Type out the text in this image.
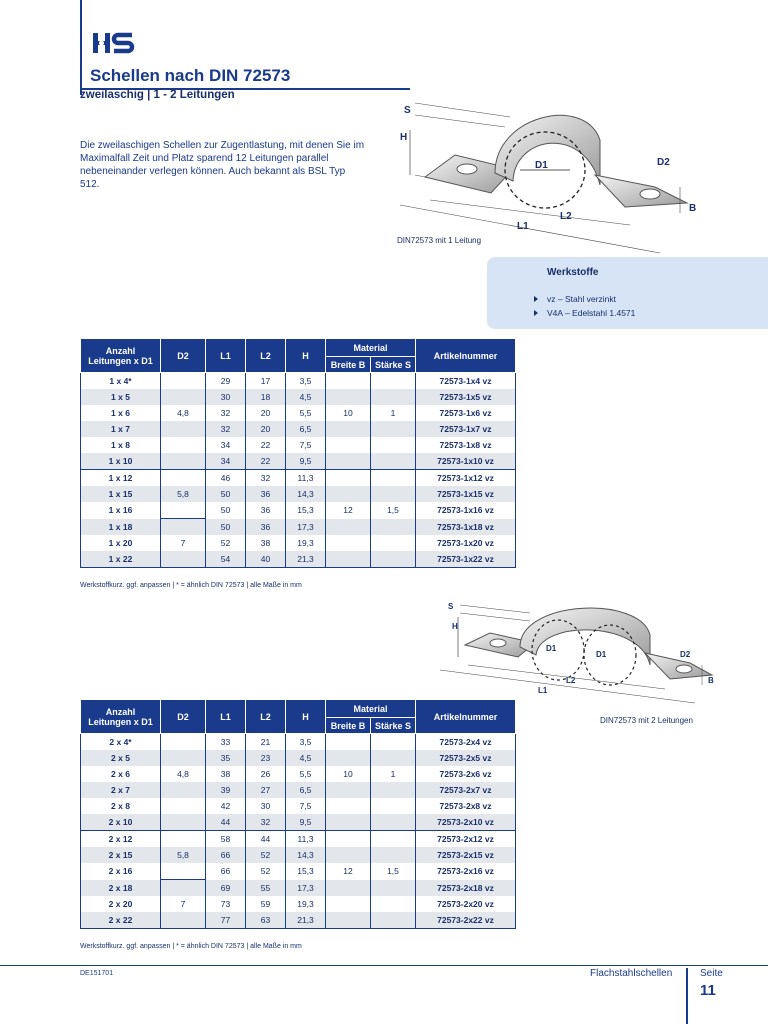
Schellen nach DIN 72573
zweilaschig | 1 - 2 Leitungen
Die zweilaschigen Schellen zur Zugentlastung, mit denen Sie im Maximalfall Zeit und Platz sparend 12 Leitungen parallel nebeneinander verlegen können. Auch bekannt als BSL Typ 512.
S
H
D1	D2
B
L1
L2
DIN72573 mit 1 Leitung
Werkstoffe
vz – Stahl verzinkt
V4A – Edelstahl 1.4571
Anzahl
Leitungen x D1	D2	L1	L2	H	Material		Artikelnummer
					Breite B	Stärke S	
1 x 4*		29	17	3,5			72573-1x4 vz
1 x 5		30	18	4,5			72573-1x5 vz
1 x 6	4,8	32	20	5,5	10	1	72573-1x6 vz
1 x 7		32	20	6,5			72573-1x7 vz
1 x 8		34	22	7,5			72573-1x8 vz
1 x 10		34	22	9,5			72573-1x10 vz
1 x 12		46	32	11,3			72573-1x12 vz
1 x 15	5,8	50	36	14,3			72573-1x15 vz
1 x 16		50	36	15,3	12	1,5	72573-1x16 vz
1 x 18		50	36	17,3			72573-1x18 vz
1 x 20	7	52	38	19,3			72573-1x20 vz
1 x 22		54	40	21,3			72573-1x22 vz
Werkstoffkurz. ggf. anpassen | * = ähnlich DIN 72573 | alle Maße in mm
S
H
D1
D1	D2
B
L1
L2
DIN72573 mit 2 Leitungen
Anzahl
Leitungen x D1	D2	L1	L2	H	Material		Artikelnummer
					Breite B	Stärke S	
2 x 4*		33	21	3,5			72573-2x4 vz
2 x 5		35	23	4,5			72573-2x5 vz
2 x 6	4,8	38	26	5,5	10	1	72573-2x6 vz
2 x 7		39	27	6,5			72573-2x7 vz
2 x 8		42	30	7,5			72573-2x8 vz
2 x 10		44	32	9,5			72573-2x10 vz
2 x 12		58	44	11,3			72573-2x12 vz
2 x 15	5,8	66	52	14,3			72573-2x15 vz
2 x 16		66	52	15,3	12	1,5	72573-2x16 vz
2 x 18		69	55	17,3			72573-2x18 vz
2 x 20	7	73	59	19,3			72573-2x20 vz
2 x 22		77	63	21,3			72573-2x22 vz
Werkstoffkurz. ggf. anpassen | * = ähnlich DIN 72573 | alle Maße in mm
DE151701	Flachstahlschellen	Seite
11
